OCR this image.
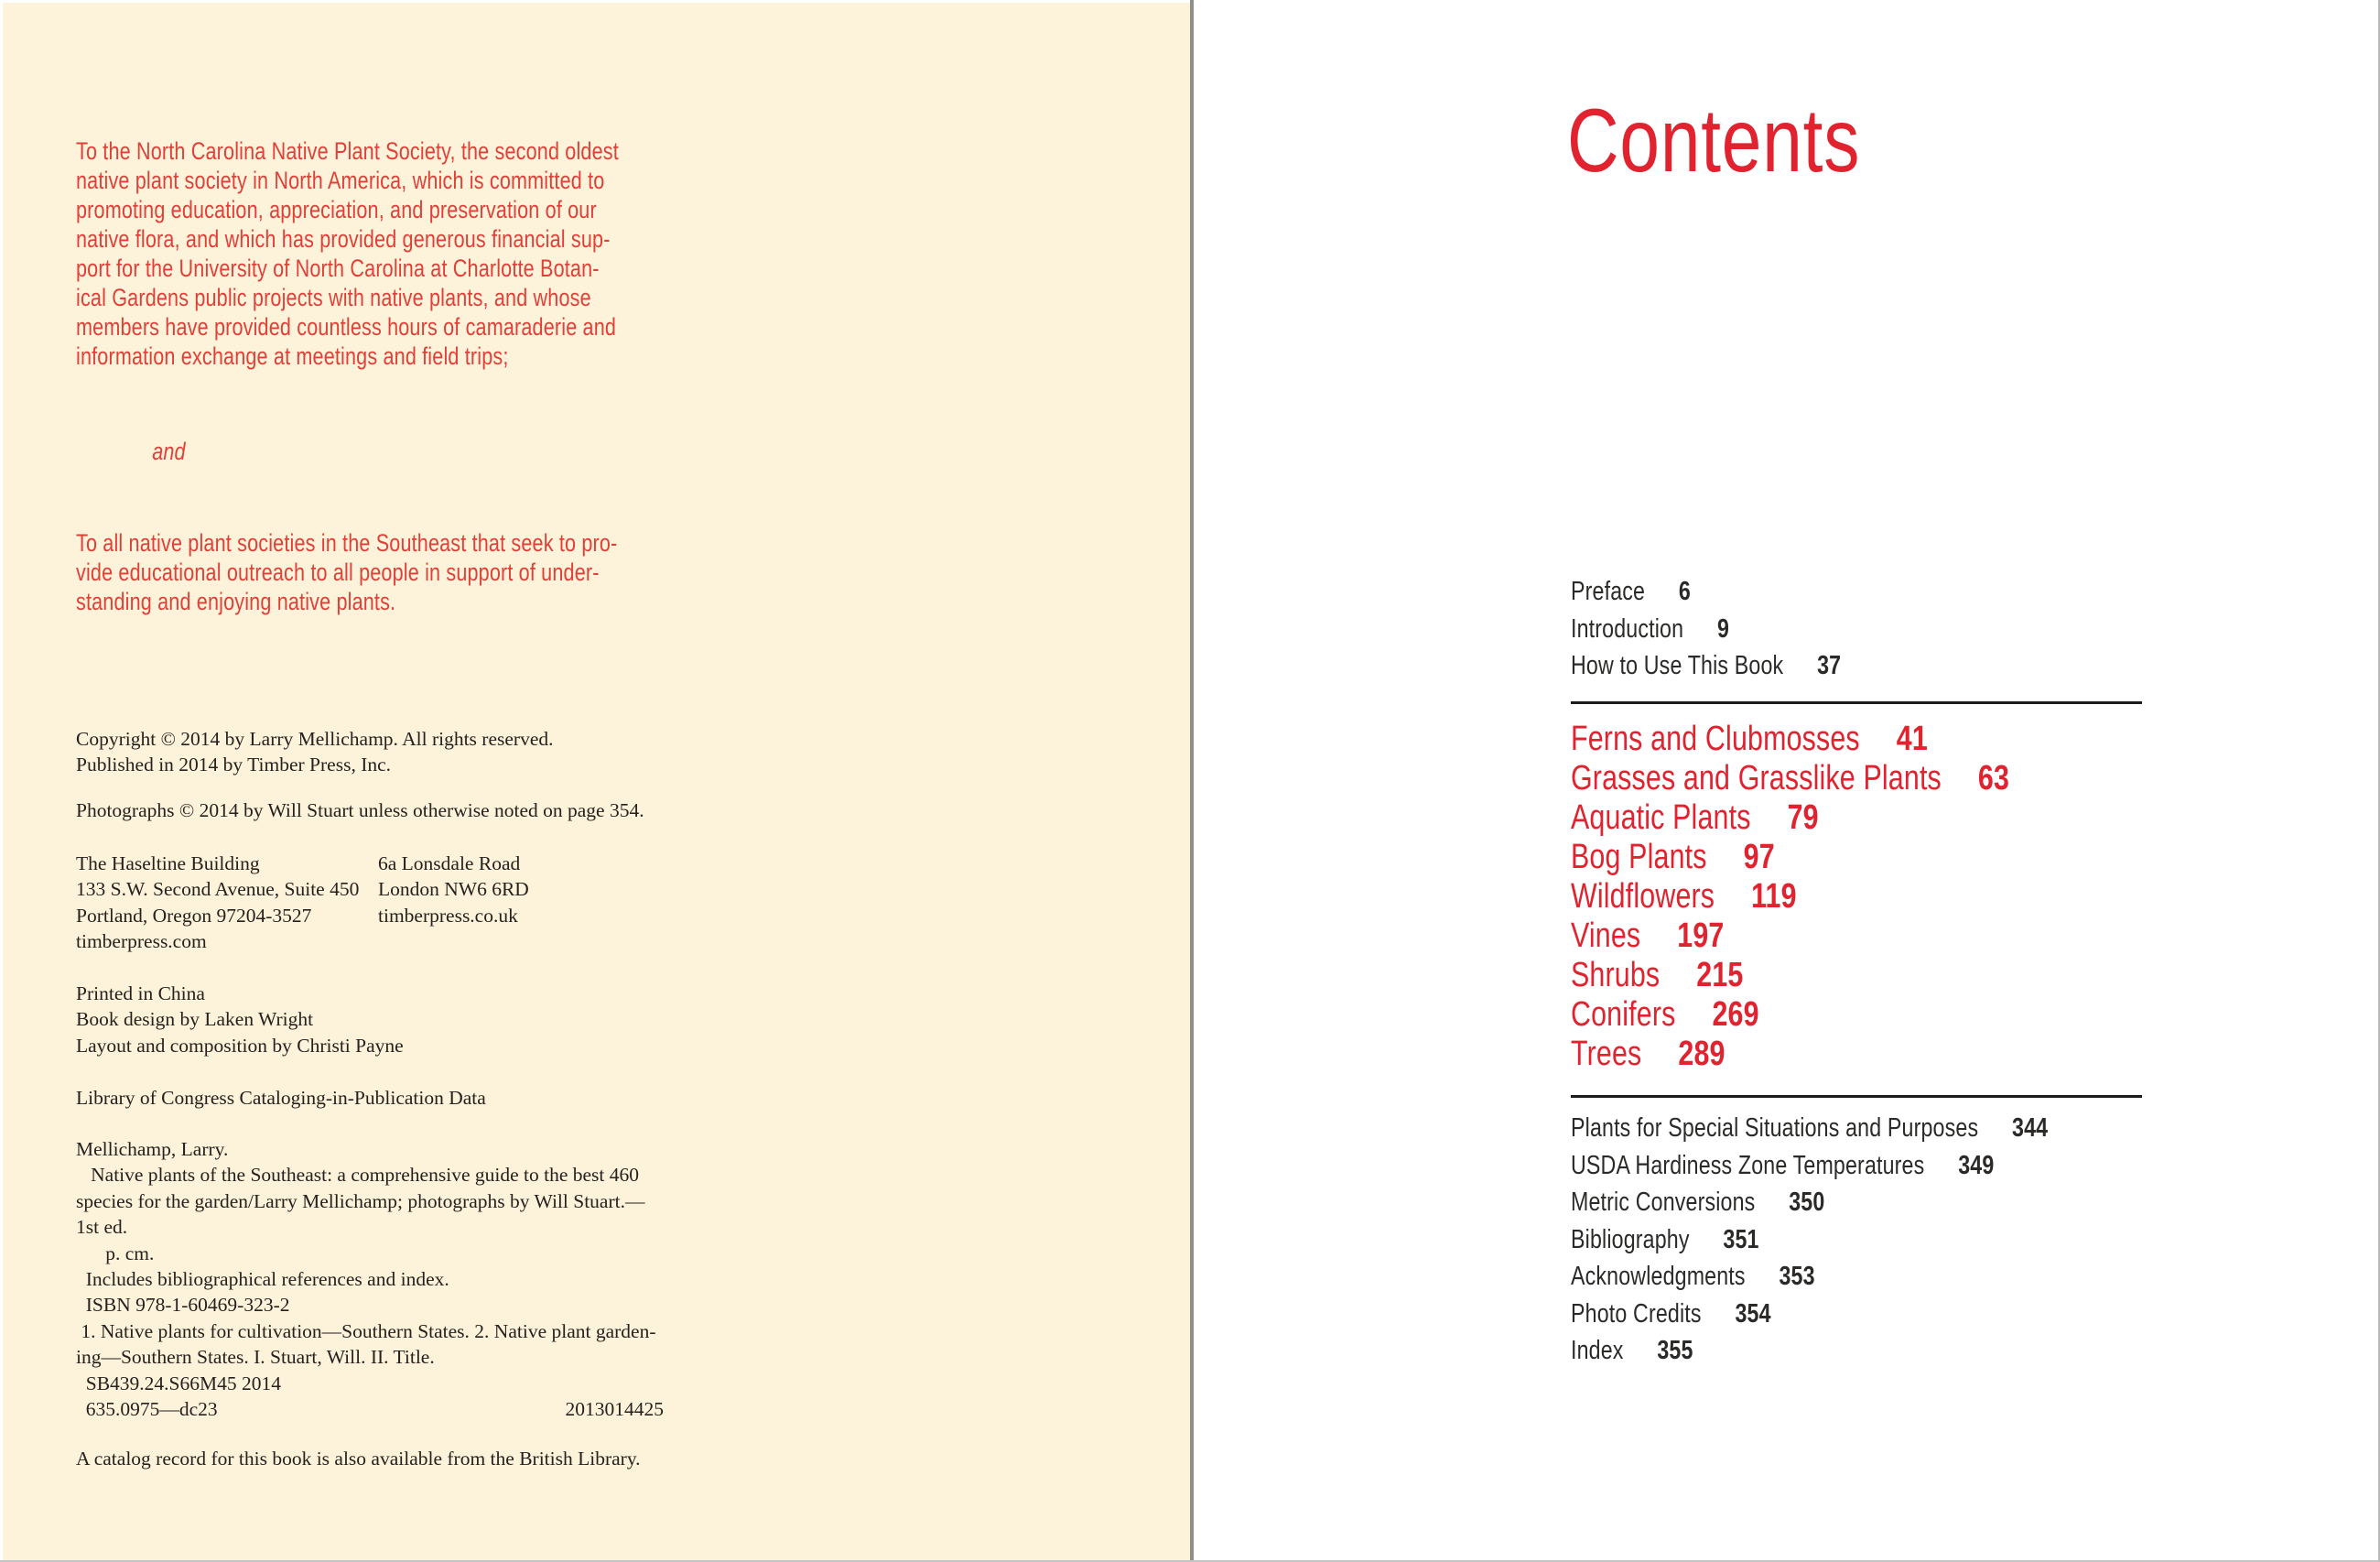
To the North Carolina Native Plant Society, the second oldest
native plant society in North America, which is committed to
promoting education, appreciation, and preservation of our
native flora, and which has provided generous financial sup-
port for the University of North Carolina at Charlotte Botan-
ical Gardens public projects with native plants, and whose
members have provided countless hours of camaraderie and
information exchange at meetings and field trips;

and

To all native plant societies in the Southeast that seek to pro-
vide educational outreach to all people in support of under-
standing and enjoying native plants.

Copyright © 2014 by Larry Mellichamp. All rights reserved.
Published in 2014 by Timber Press, Inc.
Photographs © 2014 by Will Stuart unless otherwise noted on page 354.
The Haseltine Building
133 S.W. Second Avenue, Suite 450
Portland, Oregon 97204-3527
timberpress.com
6a Lonsdale Road
London NW6 6RD
timberpress.co.uk
Printed in China
Book design by Laken Wright
Layout and composition by Christi Payne
Library of Congress Cataloging-in-Publication Data
Mellichamp, Larry.
Native plants of the Southeast: a comprehensive guide to the best 460
species for the garden/Larry Mellichamp; photographs by Will Stuart.—
1st ed.
p. cm.
Includes bibliographical references and index.
ISBN 978-1-60469-323-2
1. Native plants for cultivation—Southern States. 2. Native plant garden-
ing—Southern States. I. Stuart, Will. II. Title.
SB439.24.S66M45 2014
635.0975—dc23	2013014425
A catalog record for this book is also available from the British Library.
Contents
Preface 6
Introduction 9
How to Use This Book 37
Ferns and Clubmosses 41
Grasses and Grasslike Plants 63
Aquatic Plants 79
Bog Plants 97
Wildflowers 119
Vines 197
Shrubs 215
Conifers 269
Trees 289
Plants for Special Situations and Purposes 344
USDA Hardiness Zone Temperatures 349
Metric Conversions 350
Bibliography 351
Acknowledgments 353
Photo Credits 354
Index 355
